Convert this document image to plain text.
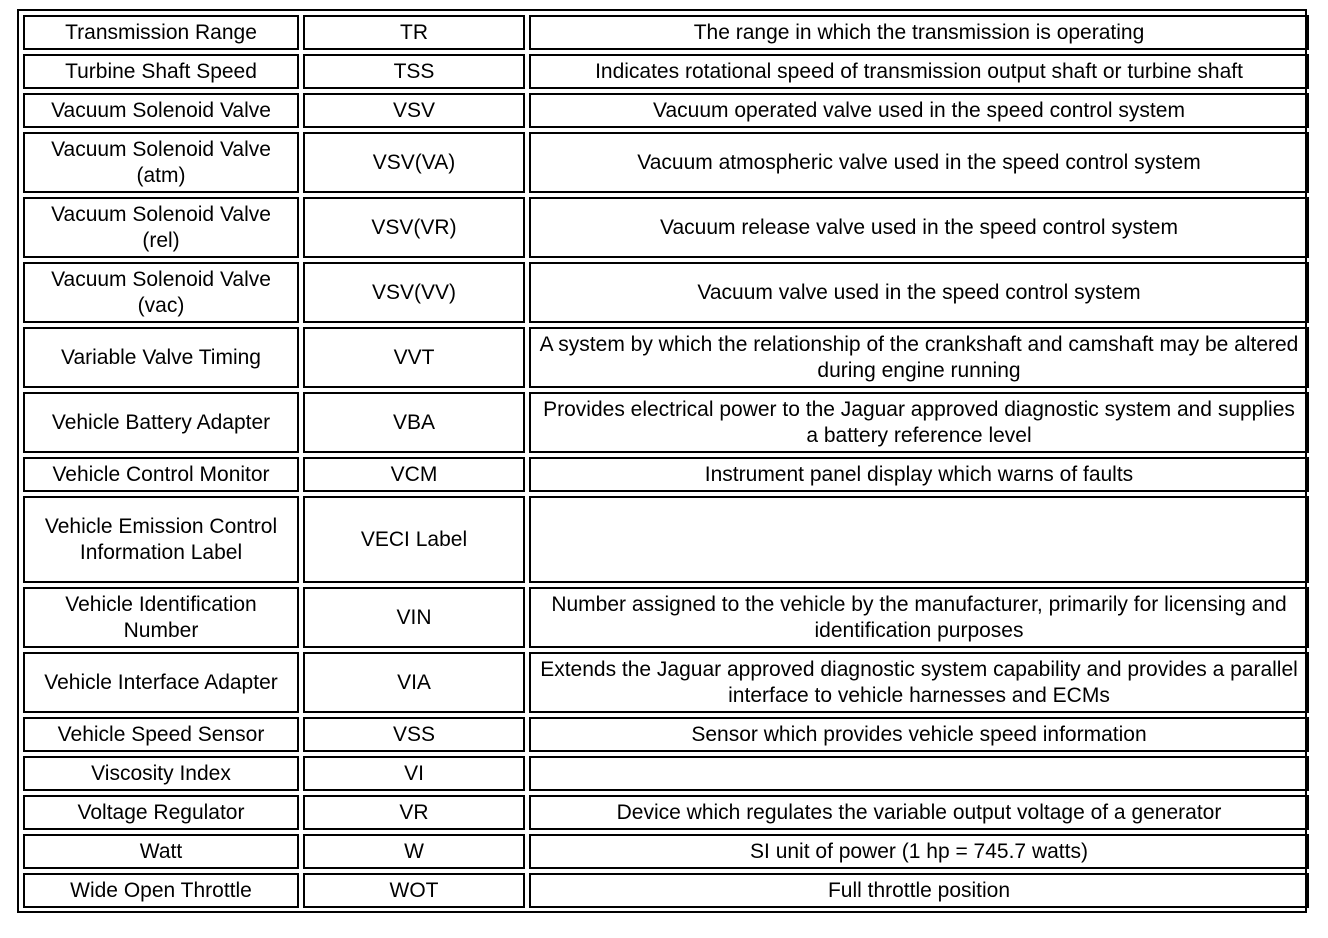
Transmission Range	TR	The range in which the transmission is operating
Turbine Shaft Speed	TSS	Indicates rotational speed of transmission output shaft or turbine shaft
Vacuum Solenoid Valve	VSV	Vacuum operated valve used in the speed control system
Vacuum Solenoid Valve (atm)	VSV(VA)	Vacuum atmospheric valve used in the speed control system
Vacuum Solenoid Valve (rel)	VSV(VR)	Vacuum release valve used in the speed control system
Vacuum Solenoid Valve (vac)	VSV(VV)	Vacuum valve used in the speed control system
Variable Valve Timing	VVT	A system by which the relationship of the crankshaft and camshaft may be altered during engine running
Vehicle Battery Adapter	VBA	Provides electrical power to the Jaguar approved diagnostic system and supplies a battery reference level
Vehicle Control Monitor	VCM	Instrument panel display which warns of faults
Vehicle Emission Control Information Label	VECI Label	
Vehicle Identification Number	VIN	Number assigned to the vehicle by the manufacturer, primarily for licensing and identification purposes
Vehicle Interface Adapter	VIA	Extends the Jaguar approved diagnostic system capability and provides a parallel interface to vehicle harnesses and ECMs
Vehicle Speed Sensor	VSS	Sensor which provides vehicle speed information
Viscosity Index	VI	
Voltage Regulator	VR	Device which regulates the variable output voltage of a generator
Watt	W	SI unit of power (1 hp = 745.7 watts)
Wide Open Throttle	WOT	Full throttle position
